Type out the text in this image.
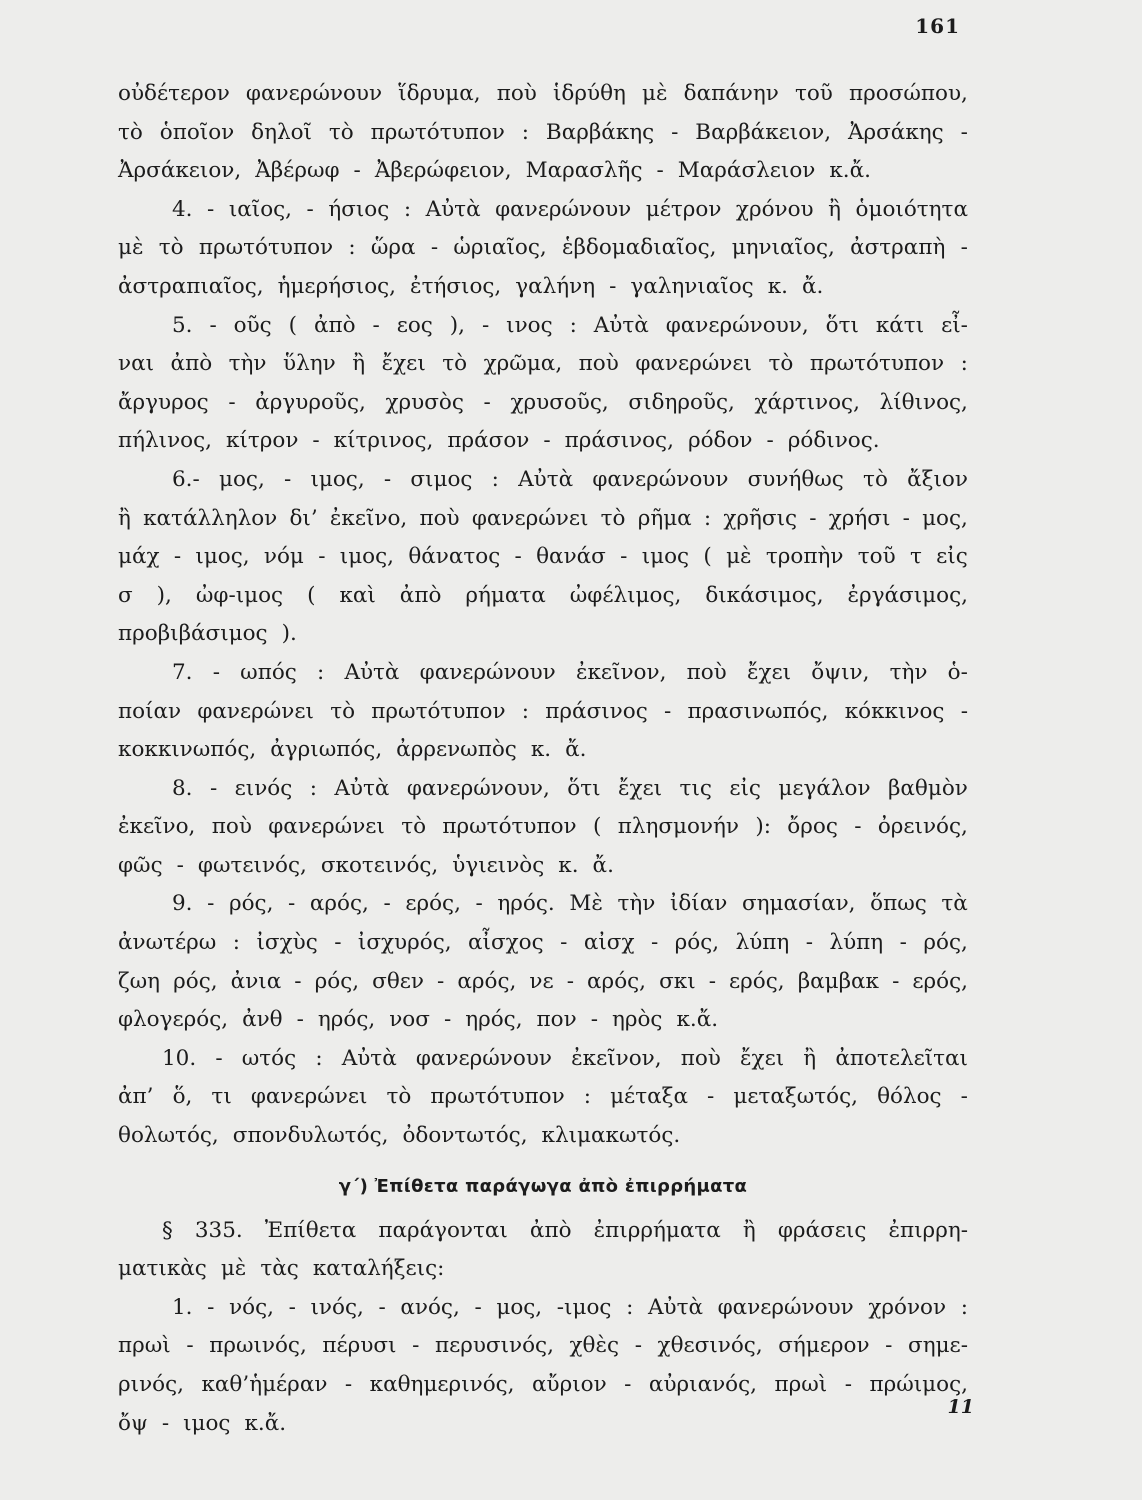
161
οὐδέτερον φανερώνουν ἵδρυμα, ποὺ ἱδρύθη μὲ δαπάνην τοῦ προσώπου,
τὸ ὁποῖον δηλοῖ τὸ πρωτότυπον : Βαρβάκης - Βαρβάκειον, Ἀρσάκης -
Ἀρσάκειον, Ἀβέρωφ - Ἀβερώφειον, Μαρασλῆς - Μαράσλειον κ.ἄ.
4. - ιαῖος, - ήσιος : Αὐτὰ φανερώνουν μέτρον χρόνου ἢ ὁμοιότητα
μὲ τὸ πρωτότυπον : ὥρα - ὡριαῖος, ἑβδομαδιαῖος, μηνιαῖος, ἀστραπὴ -
ἀστραπιαῖος, ἡμερήσιος, ἐτήσιος, γαλήνη - γαληνιαῖος κ. ἄ.
5. - οῦς ( ἀπὸ - εος ), - ινος : Αὐτὰ φανερώνουν, ὅτι κάτι εἶ-
ναι ἀπὸ τὴν ὕλην ἢ ἔχει τὸ χρῶμα, ποὺ φανερώνει τὸ πρωτότυπον :
ἄργυρος - ἀργυροῦς, χρυσὸς - χρυσοῦς, σιδηροῦς, χάρτινος, λίθινος,
πήλινος, κίτρον - κίτρινος, πράσον - πράσινος, ρόδον - ρόδινος.
6.- μος, - ιμος, - σιμος : Αὐτὰ φανερώνουν συνήθως τὸ ἄξιον
ἢ κατάλληλον δι’ ἐκεῖνο, ποὺ φανερώνει τὸ ρῆμα : χρῆσις - χρήσι - μος,
μάχ - ιμος, νόμ - ιμος, θάνατος - θανάσ - ιμος ( μὲ τροπὴν τοῦ τ εἰς
σ ), ὠφ-ιμος ( καὶ ἀπὸ ρήματα ὠφέλιμος, δικάσιμος, ἐργάσιμος,
προβιβάσιμος ).
7. - ωπός : Αὐτὰ φανερώνουν ἐκεῖνον, ποὺ ἔχει ὄψιν, τὴν ὁ-
ποίαν φανερώνει τὸ πρωτότυπον : πράσινος - πρασινωπός, κόκκινος -
κοκκινωπός, ἀγριωπός, ἀρρενωπὸς κ. ἄ.
8. - εινός : Αὐτὰ φανερώνουν, ὅτι ἔχει τις εἰς μεγάλον βαθμὸν
ἐκεῖνο, ποὺ φανερώνει τὸ πρωτότυπον ( πλησμονήν ): ὄρος - ὀρεινός,
φῶς - φωτεινός, σκοτεινός, ὑγιεινὸς κ. ἄ.
9. - ρός, - αρός, - ερός, - ηρός. Μὲ τὴν ἰδίαν σημασίαν, ὅπως τὰ
ἀνωτέρω : ἰσχὺς - ἰσχυρός, αἶσχος - αἰσχ - ρός, λύπη - λύπη - ρός,
ζωη ρός, ἀνια - ρός, σθεν - αρός, νε - αρός, σκι - ερός, βαμβακ - ερός,
φλογερός, ἀνθ - ηρός, νοσ - ηρός, πον - ηρὸς κ.ἄ.
10. - ωτός : Αὐτὰ φανερώνουν ἐκεῖνον, ποὺ ἔχει ἢ ἀποτελεῖται
ἀπ’ ὅ, τι φανερώνει τὸ πρωτότυπον : μέταξα - μεταξωτός, θόλος -
θολωτός, σπονδυλωτός, ὀδοντωτός, κλιμακωτός.
γ΄) Ἐπίθετα παράγωγα ἀπὸ ἐπιρρήματα
§ 335. Ἐπίθετα παράγονται ἀπὸ ἐπιρρήματα ἢ φράσεις ἐπιρρη-
ματικὰς μὲ τὰς καταλήξεις:
1. - νός, - ινός, - ανός, - μος, -ιμος : Αὐτὰ φανερώνουν χρόνον :
πρωὶ - πρωινός, πέρυσι - περυσινός, χθὲς - χθεσινός, σήμερον - σημε-
ρινός, καθ’ἡμέραν - καθημερινός, αὔριον - αὐριανός, πρωὶ - πρώιμος,
ὄψ - ιμος κ.ἄ.
11
